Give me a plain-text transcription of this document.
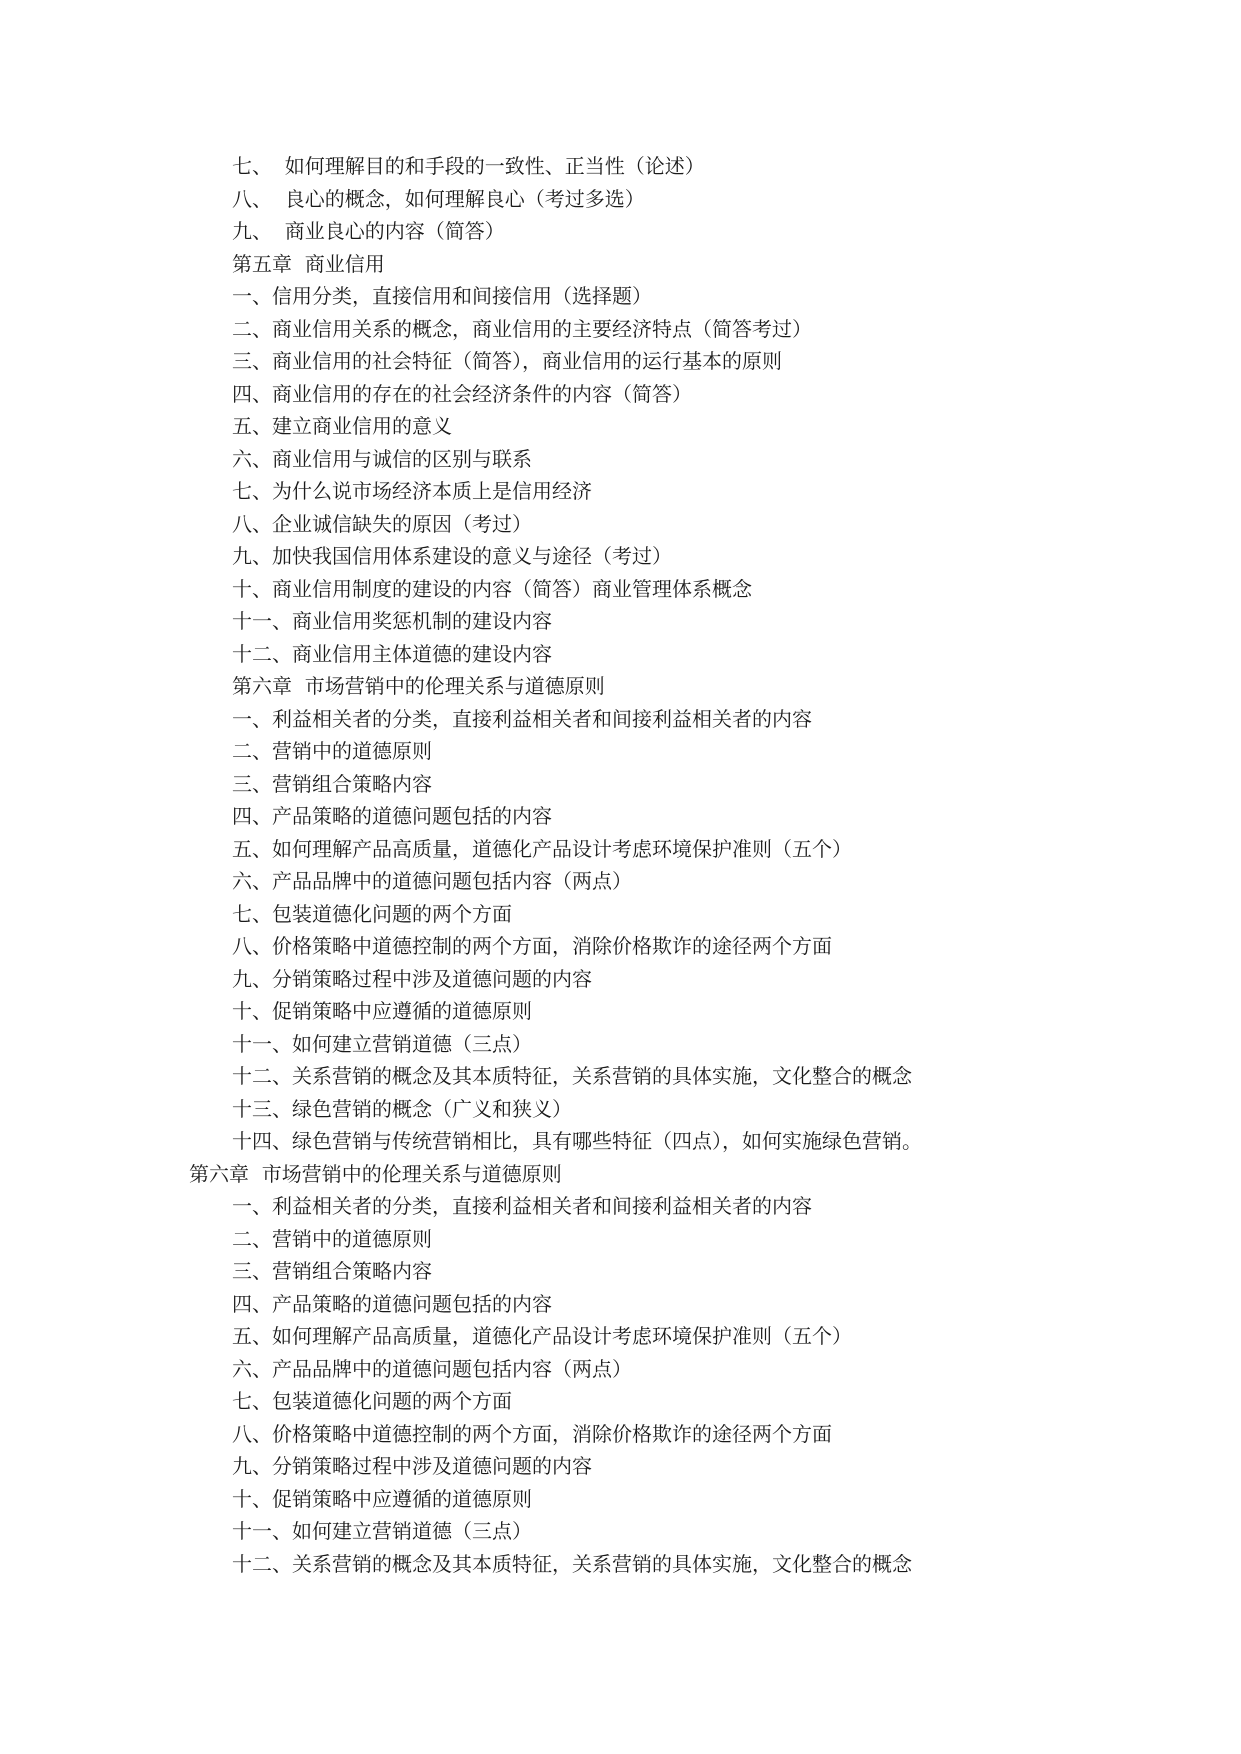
七、  如何理解目的和手段的一致性、正当性（论述）
八、  良心的概念，如何理解良心（考过多选）
九、  商业良心的内容（简答）
第五章  商业信用
一、信用分类，直接信用和间接信用（选择题）
二、商业信用关系的概念，商业信用的主要经济特点（简答考过）
三、商业信用的社会特征（简答），商业信用的运行基本的原则
四、商业信用的存在的社会经济条件的内容（简答）
五、建立商业信用的意义
六、商业信用与诚信的区别与联系
七、为什么说市场经济本质上是信用经济
八、企业诚信缺失的原因（考过）
九、加快我国信用体系建设的意义与途径（考过）
十、商业信用制度的建设的内容（简答）商业管理体系概念
十一、商业信用奖惩机制的建设内容
十二、商业信用主体道德的建设内容
第六章  市场营销中的伦理关系与道德原则
一、利益相关者的分类，直接利益相关者和间接利益相关者的内容
二、营销中的道德原则
三、营销组合策略内容
四、产品策略的道德问题包括的内容
五、如何理解产品高质量，道德化产品设计考虑环境保护准则（五个）
六、产品品牌中的道德问题包括内容（两点）
七、包装道德化问题的两个方面
八、价格策略中道德控制的两个方面，消除价格欺诈的途径两个方面
九、分销策略过程中涉及道德问题的内容
十、促销策略中应遵循的道德原则
十一、如何建立营销道德（三点）
十二、关系营销的概念及其本质特征，关系营销的具体实施，文化整合的概念
十三、绿色营销的概念（广义和狭义）
十四、绿色营销与传统营销相比，具有哪些特征（四点），如何实施绿色营销。
第六章  市场营销中的伦理关系与道德原则
一、利益相关者的分类，直接利益相关者和间接利益相关者的内容
二、营销中的道德原则
三、营销组合策略内容
四、产品策略的道德问题包括的内容
五、如何理解产品高质量，道德化产品设计考虑环境保护准则（五个）
六、产品品牌中的道德问题包括内容（两点）
七、包装道德化问题的两个方面
八、价格策略中道德控制的两个方面，消除价格欺诈的途径两个方面
九、分销策略过程中涉及道德问题的内容
十、促销策略中应遵循的道德原则
十一、如何建立营销道德（三点）
十二、关系营销的概念及其本质特征，关系营销的具体实施，文化整合的概念
